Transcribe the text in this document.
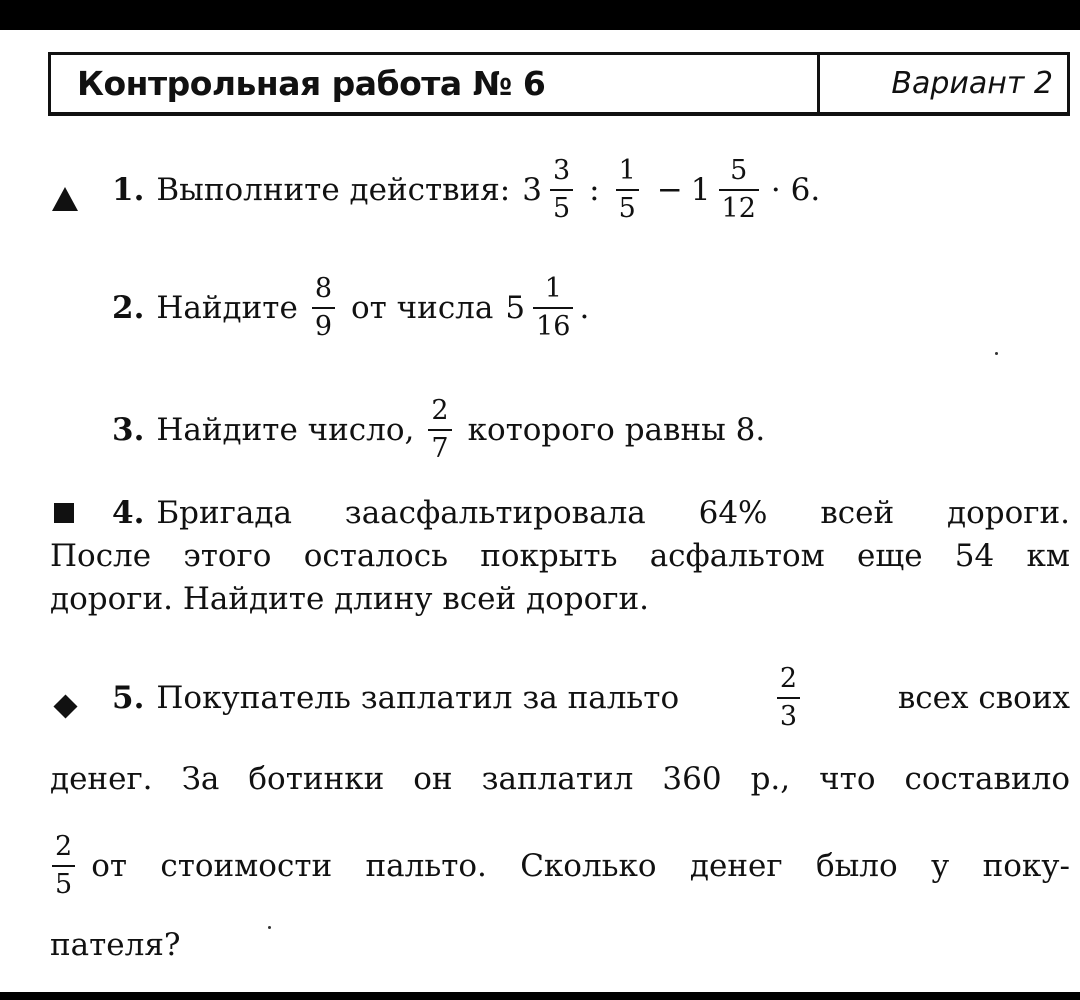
Контрольная работа № 6	Вариант 2
1. Выполните действия: $3 \frac{3}{5}$ : $\frac{1}{5} - 1 \frac{5}{12} \cdot 6$.
2. Найдите $\frac{8}{9}$ от числа $5 \frac{1}{16}$ .
3. Найдите число, $\frac{2}{7}$ которого равны 8.
4. Бригада заасфальтировала 64% всей дороги.
После этого осталось покрыть асфальтом еще 54 км
дороги. Найдите длину всей дороги.
5. Покупатель заплатил за пальто	$\frac{2}{3}$	всех своих
денег. За ботинки он заплатил 360 р., что составило
$\frac{2}{5}$ от стоимости пальто. Сколько денег было у поку-
пателя?
